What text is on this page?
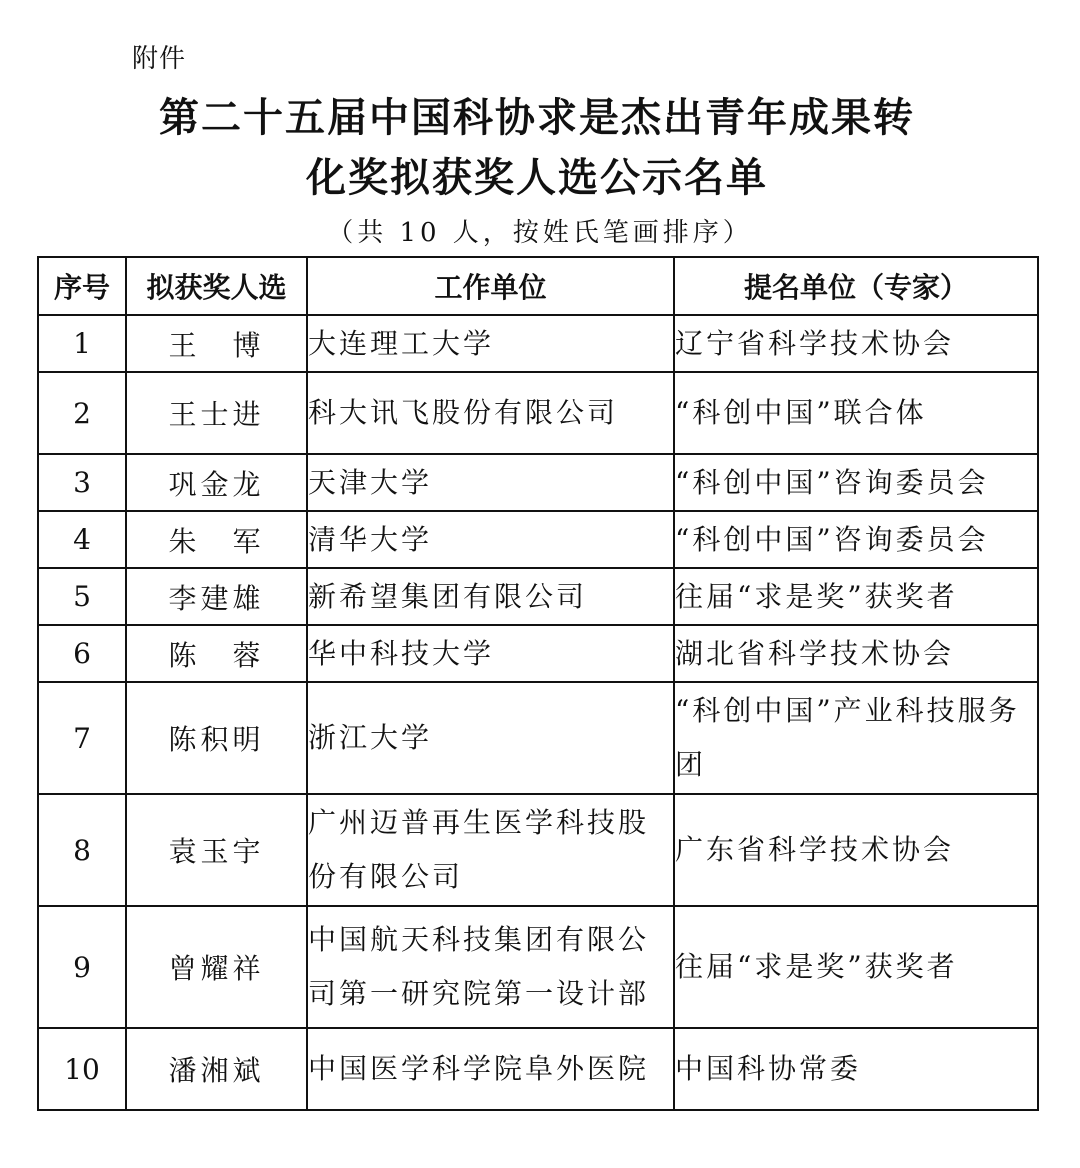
附件
第二十五届中国科协求是杰出青年成果转
化奖拟获奖人选公示名单
（共 10 人，按姓氏笔画排序）
序号	拟获奖人选	工作单位	提名单位（专家）
1	王　博	大连理工大学	辽宁省科学技术协会
2	王士进	科大讯飞股份有限公司	“科创中国”联合体
3	巩金龙	天津大学	“科创中国”咨询委员会
4	朱　军	清华大学	“科创中国”咨询委员会
5	李建雄	新希望集团有限公司	往届“求是奖”获奖者
6	陈　蓉	华中科技大学	湖北省科学技术协会
7	陈积明	浙江大学	“科创中国”产业科技服务团
8	袁玉宇	广州迈普再生医学科技股份有限公司	广东省科学技术协会
9	曾耀祥	中国航天科技集团有限公司第一研究院第一设计部	往届“求是奖”获奖者
10	潘湘斌	中国医学科学院阜外医院	中国科协常委
